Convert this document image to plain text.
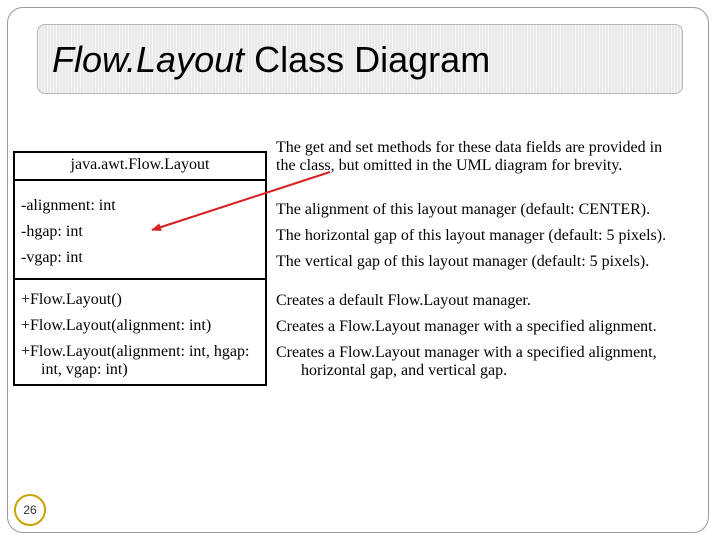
Flow.Layout Class Diagram
java.awt.Flow.Layout
-alignment: int
-hgap: int
-vgap: int
+Flow.Layout()
+Flow.Layout(alignment: int)
+Flow.Layout(alignment: int, hgap:
int, vgap: int)
The get and set methods for these data fields are provided in
the class, but omitted in the UML diagram for brevity.
The alignment of this layout manager (default: CENTER).
The horizontal gap of this layout manager (default: 5 pixels).
The vertical gap of this layout manager (default: 5 pixels).
Creates a default Flow.Layout manager.
Creates a Flow.Layout manager with a specified alignment.
Creates a Flow.Layout manager with a specified alignment,
horizontal gap, and vertical gap.
26
